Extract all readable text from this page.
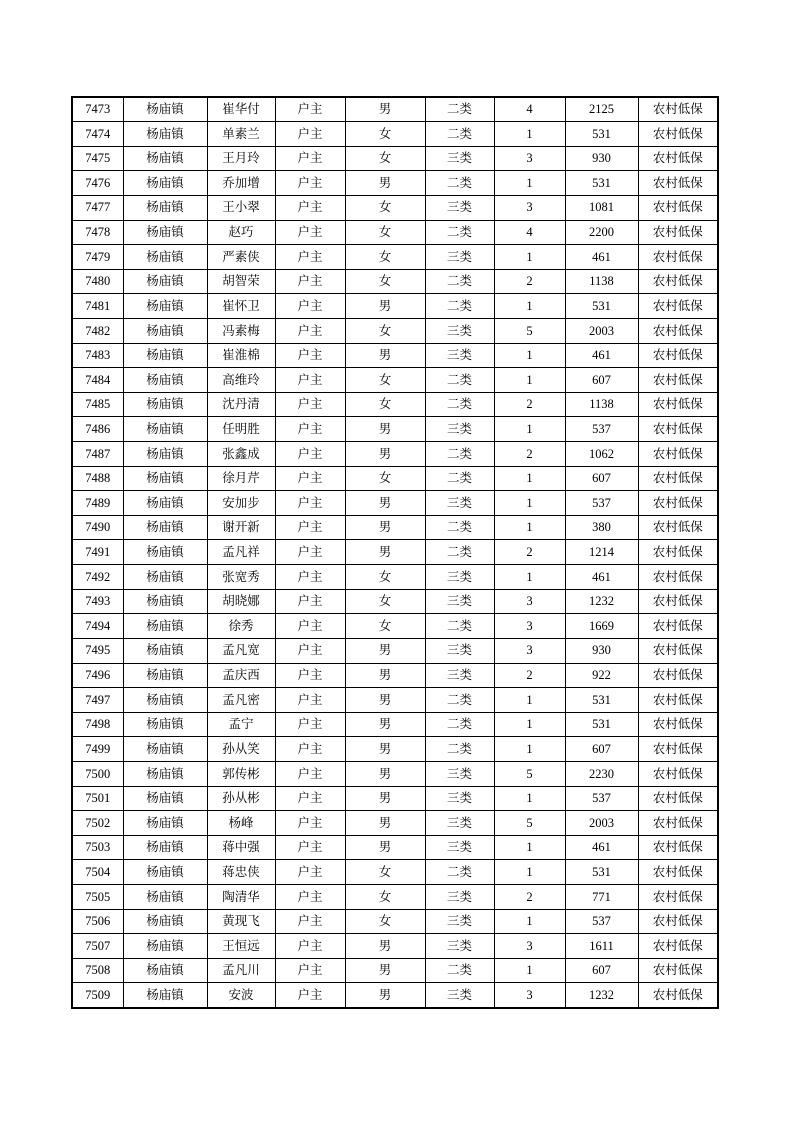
7473	杨庙镇	崔华付	户主	男	二类	4	2125	农村低保
7474	杨庙镇	单素兰	户主	女	二类	1	531	农村低保
7475	杨庙镇	王月玲	户主	女	三类	3	930	农村低保
7476	杨庙镇	乔加增	户主	男	二类	1	531	农村低保
7477	杨庙镇	王小翠	户主	女	三类	3	1081	农村低保
7478	杨庙镇	赵巧	户主	女	二类	4	2200	农村低保
7479	杨庙镇	严素侠	户主	女	三类	1	461	农村低保
7480	杨庙镇	胡智荣	户主	女	二类	2	1138	农村低保
7481	杨庙镇	崔怀卫	户主	男	二类	1	531	农村低保
7482	杨庙镇	冯素梅	户主	女	三类	5	2003	农村低保
7483	杨庙镇	崔淮棉	户主	男	三类	1	461	农村低保
7484	杨庙镇	高维玲	户主	女	二类	1	607	农村低保
7485	杨庙镇	沈丹清	户主	女	二类	2	1138	农村低保
7486	杨庙镇	任明胜	户主	男	三类	1	537	农村低保
7487	杨庙镇	张鑫成	户主	男	二类	2	1062	农村低保
7488	杨庙镇	徐月芹	户主	女	二类	1	607	农村低保
7489	杨庙镇	安加步	户主	男	三类	1	537	农村低保
7490	杨庙镇	谢开新	户主	男	二类	1	380	农村低保
7491	杨庙镇	孟凡祥	户主	男	二类	2	1214	农村低保
7492	杨庙镇	张宽秀	户主	女	三类	1	461	农村低保
7493	杨庙镇	胡晓娜	户主	女	三类	3	1232	农村低保
7494	杨庙镇	徐秀	户主	女	二类	3	1669	农村低保
7495	杨庙镇	孟凡宽	户主	男	三类	3	930	农村低保
7496	杨庙镇	孟庆西	户主	男	三类	2	922	农村低保
7497	杨庙镇	孟凡密	户主	男	二类	1	531	农村低保
7498	杨庙镇	孟宁	户主	男	二类	1	531	农村低保
7499	杨庙镇	孙从笑	户主	男	二类	1	607	农村低保
7500	杨庙镇	郭传彬	户主	男	三类	5	2230	农村低保
7501	杨庙镇	孙从彬	户主	男	三类	1	537	农村低保
7502	杨庙镇	杨峰	户主	男	三类	5	2003	农村低保
7503	杨庙镇	蒋中强	户主	男	三类	1	461	农村低保
7504	杨庙镇	蒋忠侠	户主	女	二类	1	531	农村低保
7505	杨庙镇	陶清华	户主	女	三类	2	771	农村低保
7506	杨庙镇	黄现飞	户主	女	三类	1	537	农村低保
7507	杨庙镇	王恒远	户主	男	三类	3	1611	农村低保
7508	杨庙镇	孟凡川	户主	男	二类	1	607	农村低保
7509	杨庙镇	安波	户主	男	三类	3	1232	农村低保
